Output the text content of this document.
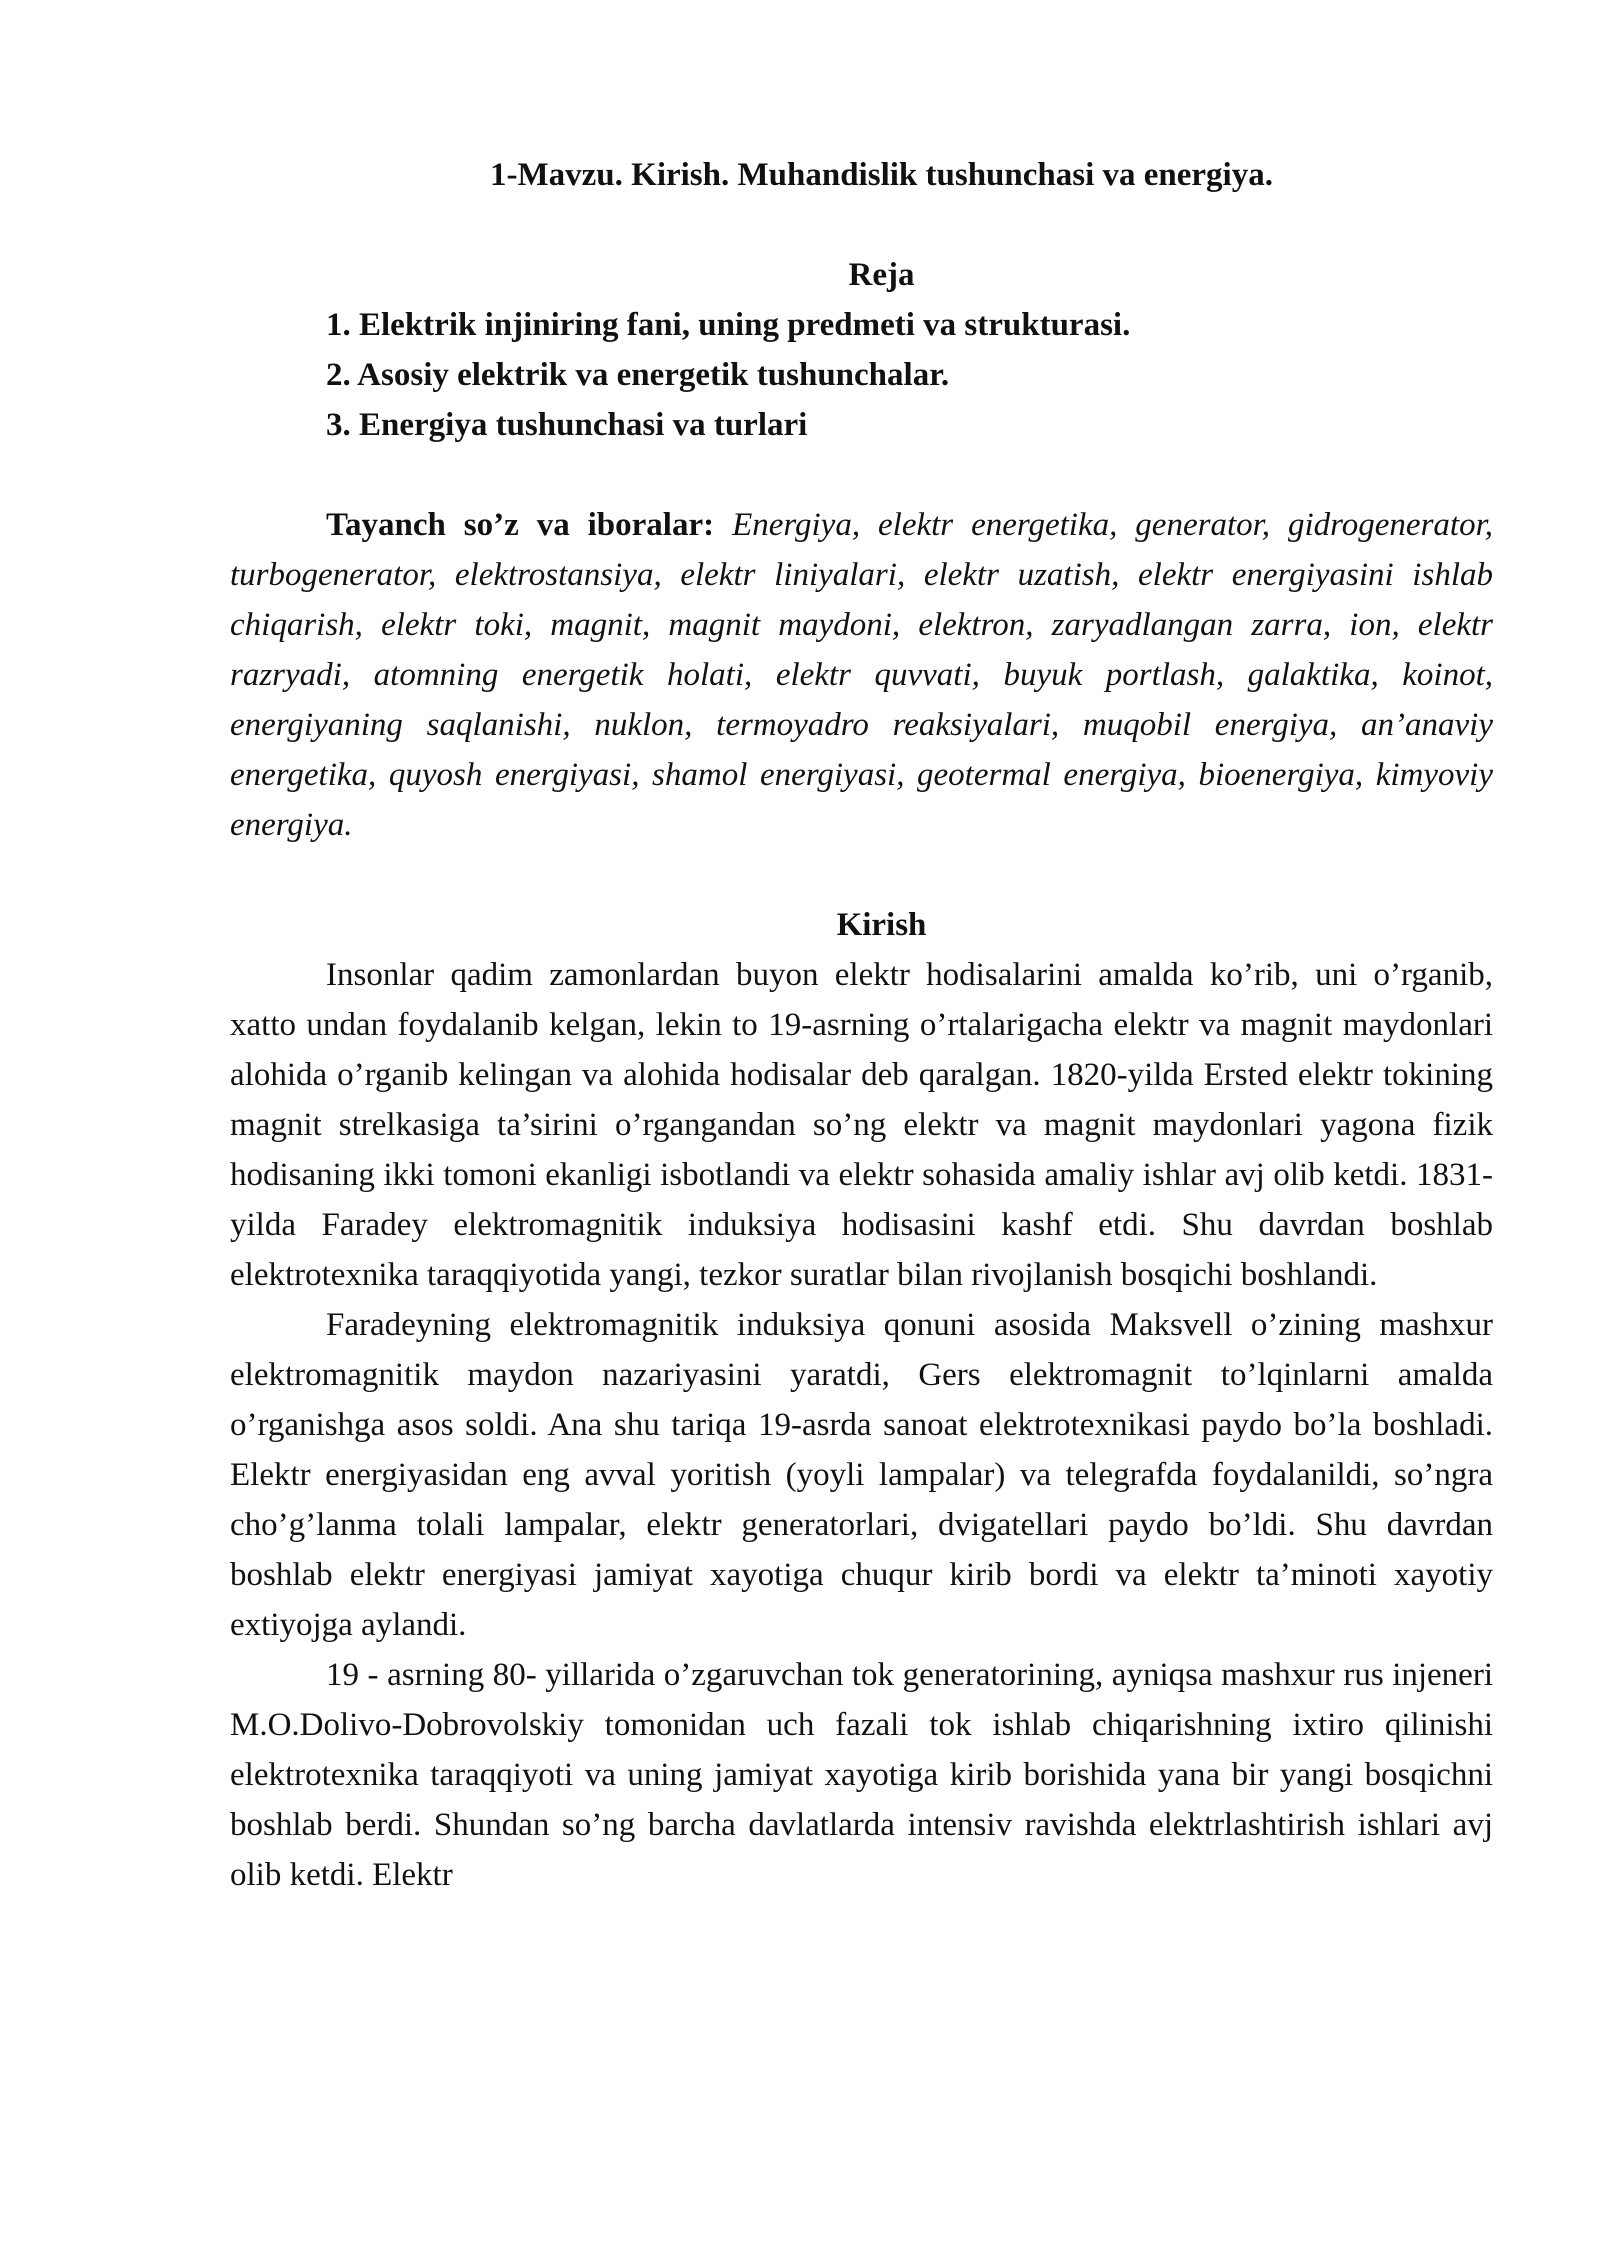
1-Mavzu. Kirish. Muhandislik tushunchasi va energiya.

Reja

1. Elektrik injiniring fani, uning predmeti va strukturasi.
2. Asosiy elektrik va energetik tushunchalar.
3. Energiya tushunchasi va turlari

Tayanch so’z va iboralar: Energiya, elektr energetika, generator, gidrogenerator, turbogenerator, elektrostansiya, elektr liniyalari, elektr uzatish, elektr energiyasini ishlab chiqarish, elektr toki, magnit, magnit maydoni, elektron, zaryadlangan zarra, ion, elektr razryadi, atomning energetik holati, elektr quvvati, buyuk portlash, galaktika, koinot, energiyaning saqlanishi, nuklon, termoyadro reaksiyalari, muqobil energiya, an’anaviy energetika, quyosh energiyasi, shamol energiyasi, geotermal energiya, bioenergiya, kimyoviy energiya.

Kirish

Insonlar qadim zamonlardan buyon elektr hodisalarini amalda ko’rib, uni o’rganib, xatto undan foydalanib kelgan, lekin to 19-asrning o’rtalarigacha elektr va magnit maydonlari alohida o’rganib kelingan va alohida hodisalar deb qaralgan. 1820-yilda Ersted elektr tokining magnit strelkasiga ta’sirini o’rgangandan so’ng elektr va magnit maydonlari yagona fizik hodisaning ikki tomoni ekanligi isbotlandi va elektr sohasida amaliy ishlar avj olib ketdi. 1831-yilda Faradey elektromagnitik induksiya hodisasini kashf etdi. Shu davrdan boshlab elektrotexnika taraqqiyotida yangi, tezkor suratlar bilan rivojlanish bosqichi boshlandi.

Faradeyning elektromagnitik induksiya qonuni asosida Maksvell o’zining mashxur elektromagnitik maydon nazariyasini yaratdi, Gers elektromagnit to’lqinlarni amalda o’rganishga asos soldi. Ana shu tariqa 19-asrda sanoat elektrotexnikasi paydo bo’la boshladi. Elektr energiyasidan eng avval yoritish (yoyli lampalar) va telegrafda foydalanildi, so’ngra cho’g’lanma tolali lampalar, elektr generatorlari, dvigatellari paydo bo’ldi. Shu davrdan boshlab elektr energiyasi jamiyat xayotiga chuqur kirib bordi va elektr ta’minoti xayotiy extiyojga aylandi.

19 - asrning 80- yillarida o’zgaruvchan tok generatorining, ayniqsa mashxur rus injeneri M.O.Dolivo-Dobrovolskiy tomonidan uch fazali tok ishlab chiqarishning ixtiro qilinishi elektrotexnika taraqqiyoti va uning jamiyat xayotiga kirib borishida yana bir yangi bosqichni boshlab berdi. Shundan so’ng barcha davlatlarda intensiv ravishda elektrlashtirish ishlari avj olib ketdi. Elektr
